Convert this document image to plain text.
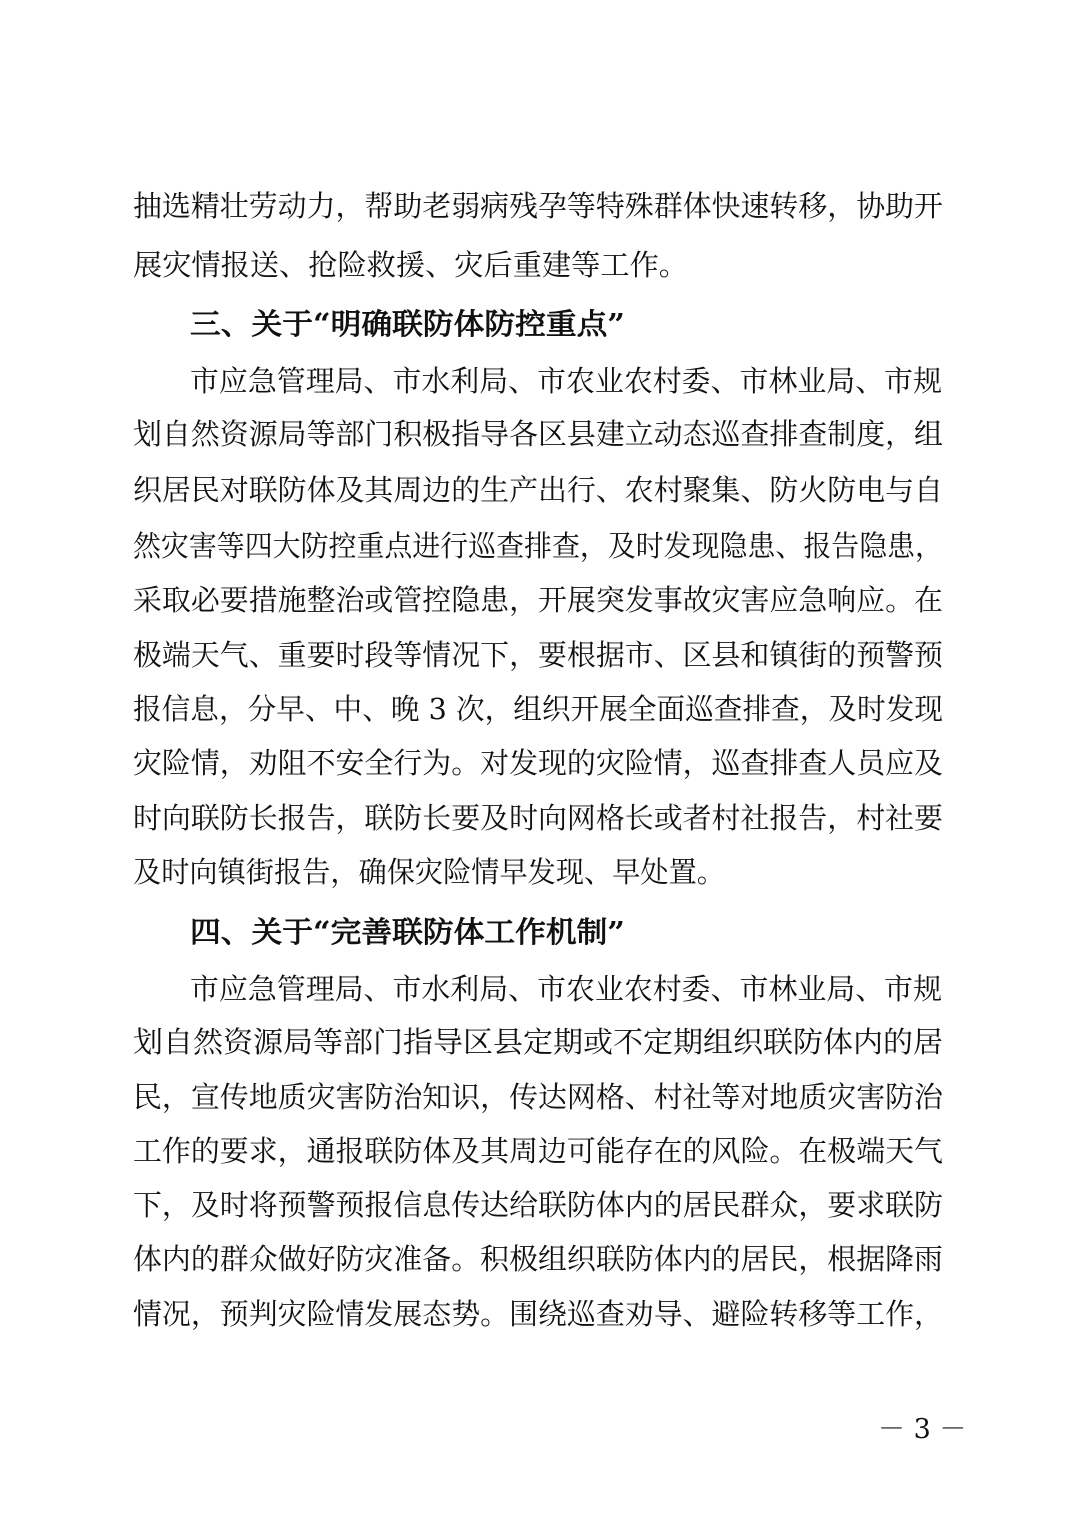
抽选精壮劳动力，帮助老弱病残孕等特殊群体快速转移，协助开
展灾情报送、抢险救援、灾后重建等工作。
三、关于“明确联防体防控重点”
市应急管理局、市水利局、市农业农村委、市林业局、市规
划自然资源局等部门积极指导各区县建立动态巡查排查制度，组
织居民对联防体及其周边的生产出行、农村聚集、防火防电与自
然灾害等四大防控重点进行巡查排查，及时发现隐患、报告隐患，
采取必要措施整治或管控隐患，开展突发事故灾害应急响应。在
极端天气、重要时段等情况下，要根据市、区县和镇街的预警预
报信息，分早、中、晚 3 次，组织开展全面巡查排查，及时发现
灾险情，劝阻不安全行为。对发现的灾险情，巡查排查人员应及
时向联防长报告，联防长要及时向网格长或者村社报告，村社要
及时向镇街报告，确保灾险情早发现、早处置。
四、关于“完善联防体工作机制”
市应急管理局、市水利局、市农业农村委、市林业局、市规
划自然资源局等部门指导区县定期或不定期组织联防体内的居
民，宣传地质灾害防治知识，传达网格、村社等对地质灾害防治
工作的要求，通报联防体及其周边可能存在的风险。在极端天气
下，及时将预警预报信息传达给联防体内的居民群众，要求联防
体内的群众做好防灾准备。积极组织联防体内的居民，根据降雨
情况，预判灾险情发展态势。围绕巡查劝导、避险转移等工作，
－ 3 －
